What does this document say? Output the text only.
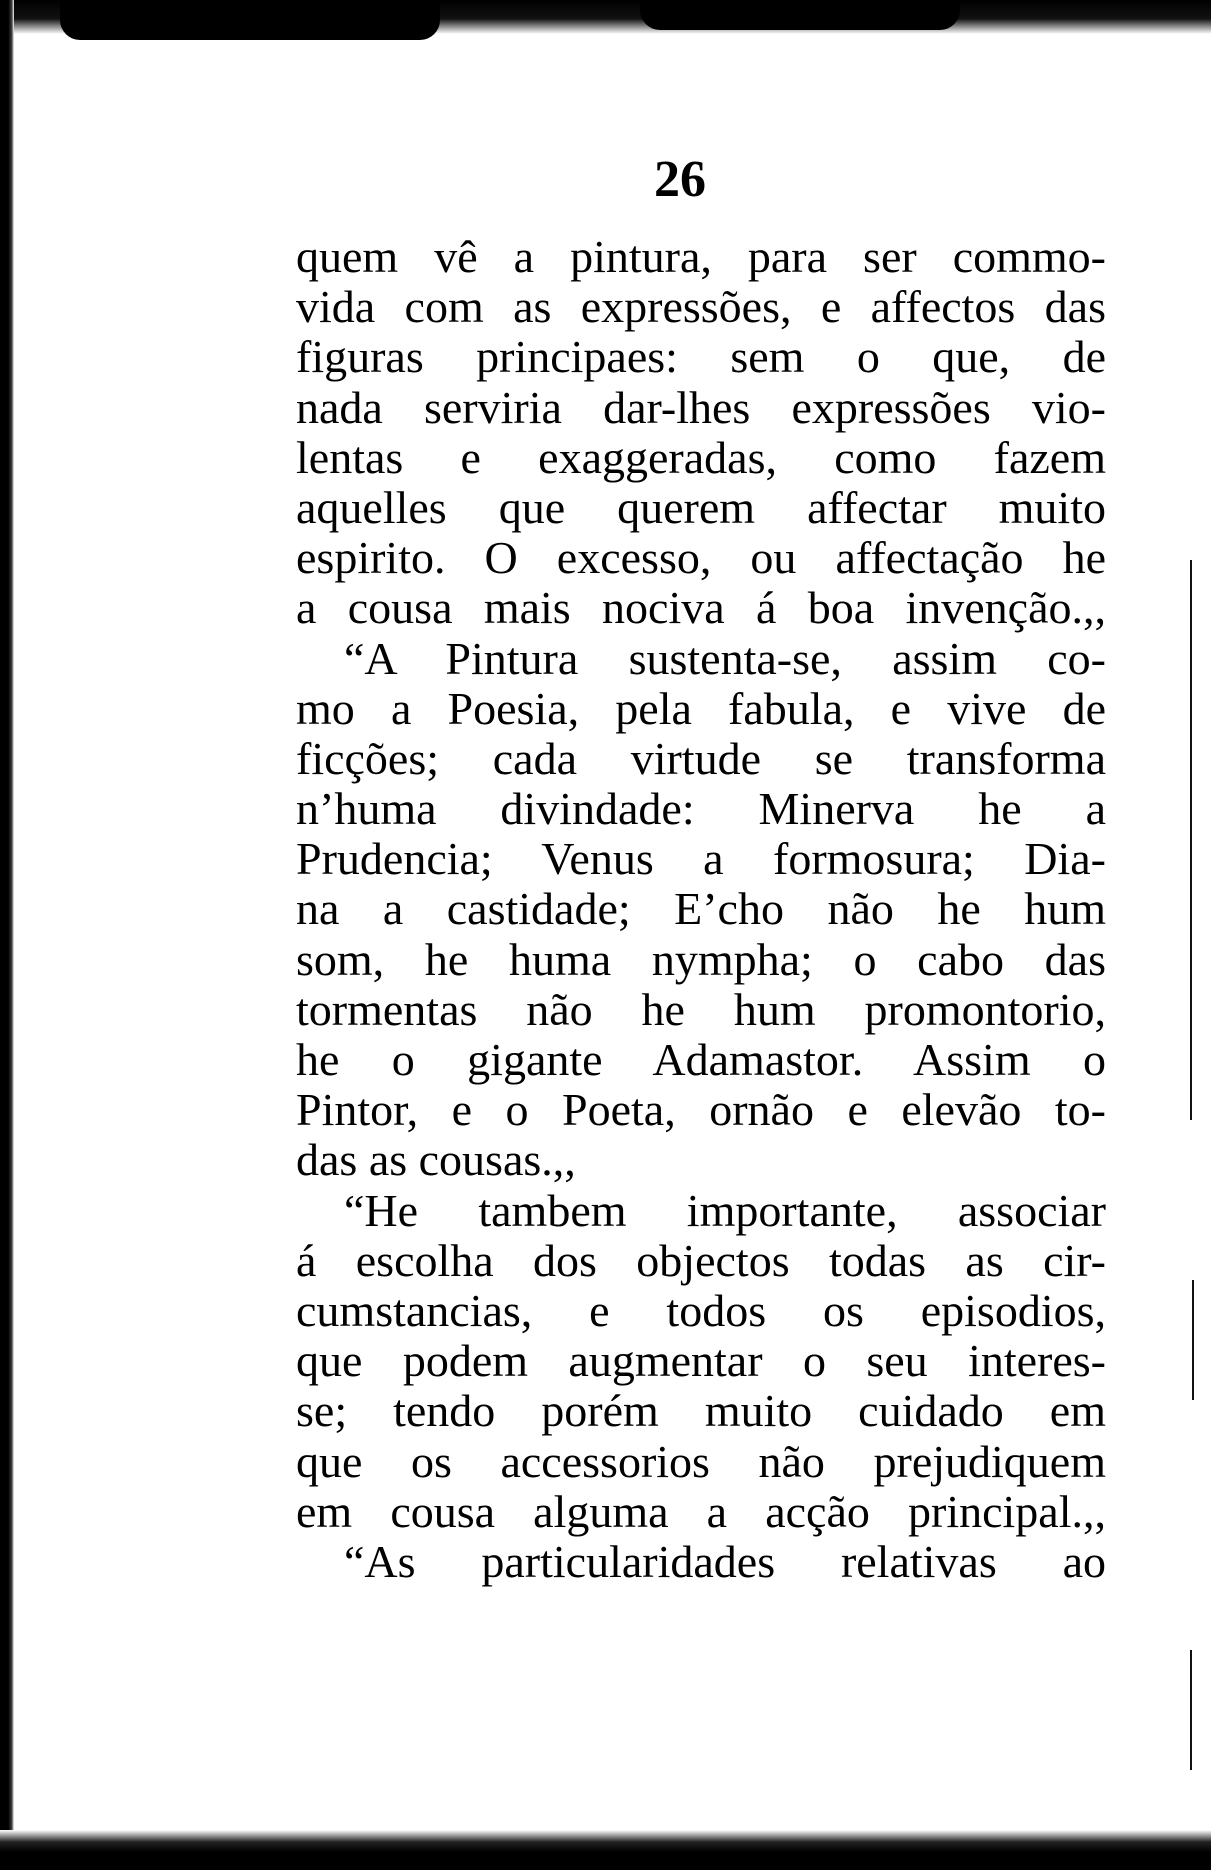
26
quem vê a pintura, para ser commo-
vida com as expressões, e affectos das
figuras principaes: sem o que, de
nada serviria dar-lhes expressões vio-
lentas e exaggeradas, como fazem
aquelles que querem affectar muito
espirito. O excesso, ou affectação he
a cousa mais nociva á boa invenção.,,
“A Pintura sustenta-se, assim co-
mo a Poesia, pela fabula, e vive de
ficções; cada virtude se transforma
n’huma divindade: Minerva he a
Prudencia; Venus a formosura; Dia-
na a castidade; E’cho não he hum
som, he huma nympha; o cabo das
tormentas não he hum promontorio,
he o gigante Adamastor. Assim o
Pintor, e o Poeta, ornão e elevão to-
das as cousas.,,
“He tambem importante, associar
á escolha dos objectos todas as cir-
cumstancias, e todos os episodios,
que podem augmentar o seu interes-
se; tendo porém muito cuidado em
que os accessorios não prejudiquem
em cousa alguma a acção principal.,,
“As particularidades relativas ao
